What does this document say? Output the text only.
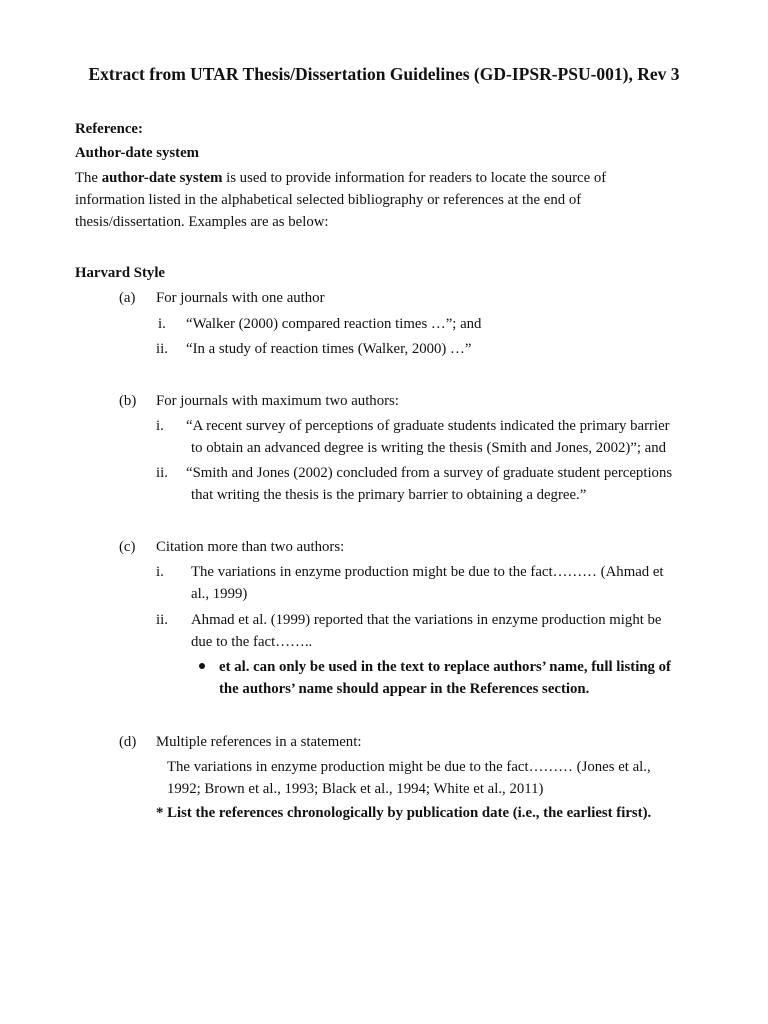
Extract from UTAR Thesis/Dissertation Guidelines (GD-IPSR-PSU-001), Rev 3
Reference:
Author-date system
The author-date system is used to provide information for readers to locate the source of
information listed in the alphabetical selected bibliography or references at the end of
thesis/dissertation. Examples are as below:
Harvard Style
(a) For journals with one author
i. “Walker (2000) compared reaction times …”; and
ii. “In a study of reaction times (Walker, 2000) …”
(b) For journals with maximum two authors:
i. “A recent survey of perceptions of graduate students indicated the primary barrier
to obtain an advanced degree is writing the thesis (Smith and Jones, 2002)”; and
ii. “Smith and Jones (2002) concluded from a survey of graduate student perceptions
that writing the thesis is the primary barrier to obtaining a degree.”
(c) Citation more than two authors:
i. The variations in enzyme production might be due to the fact……… (Ahmad et
al., 1999)
ii. Ahmad et al. (1999) reported that the variations in enzyme production might be
due to the fact……..
et al. can only be used in the text to replace authors’ name, full listing of
the authors’ name should appear in the References section.
(d) Multiple references in a statement:
The variations in enzyme production might be due to the fact……… (Jones et al.,
1992; Brown et al., 1993; Black et al., 1994; White et al., 2011)
* List the references chronologically by publication date (i.e., the earliest first).
